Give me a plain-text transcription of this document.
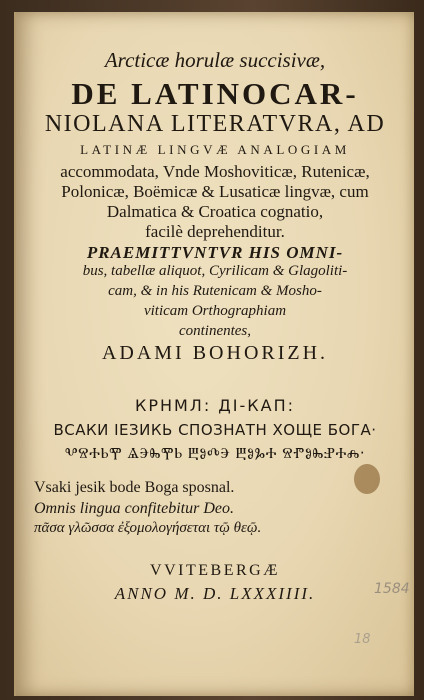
Arcticæ horulæ succisivæ,
DE LATINOCAR-
NIOLANA LITERATVRA, AD
LATINÆ LINGVÆ ANALOGIAM
accommodata, Vnde Moshoviticæ, Rutenicæ,
Polonicæ, Boëmicæ & Lusaticæ lingvæ, cum
Dalmatica & Croatica cognatio,
facilè deprehenditur.
PRAEMITTVNTVR HIS OMNI-
bus, tabellæ aliquot, Cyrilicam & Glagoliti-
cam, & in his Rutenicam & Mosho-
viticam Orthographiam
continentes,
ADAMI BOHORIZH.
КРНМЛ: ДІ-КАП:
ВСАКИ ІЕЗИКЬ СПОЗНАТН ХОЩЕ БОГА·
ⰂⰔⰀⰓⰉ ⰡⰅⰈⰉⰓ ⰁⰑⰄⰅ ⰁⰑⰃⰀ ⰔⰒⰑⰈⰐⰀⰎ·
Vsaki jesik bode Boga sposnal.
Omnis lingua confitebitur Deo.
πᾶσα γλῶσσα ἐξομολογήσεται τῷ θεῷ.
VVITEBERGÆ
ANNO M. D. LXXXIIII.	1584
18
